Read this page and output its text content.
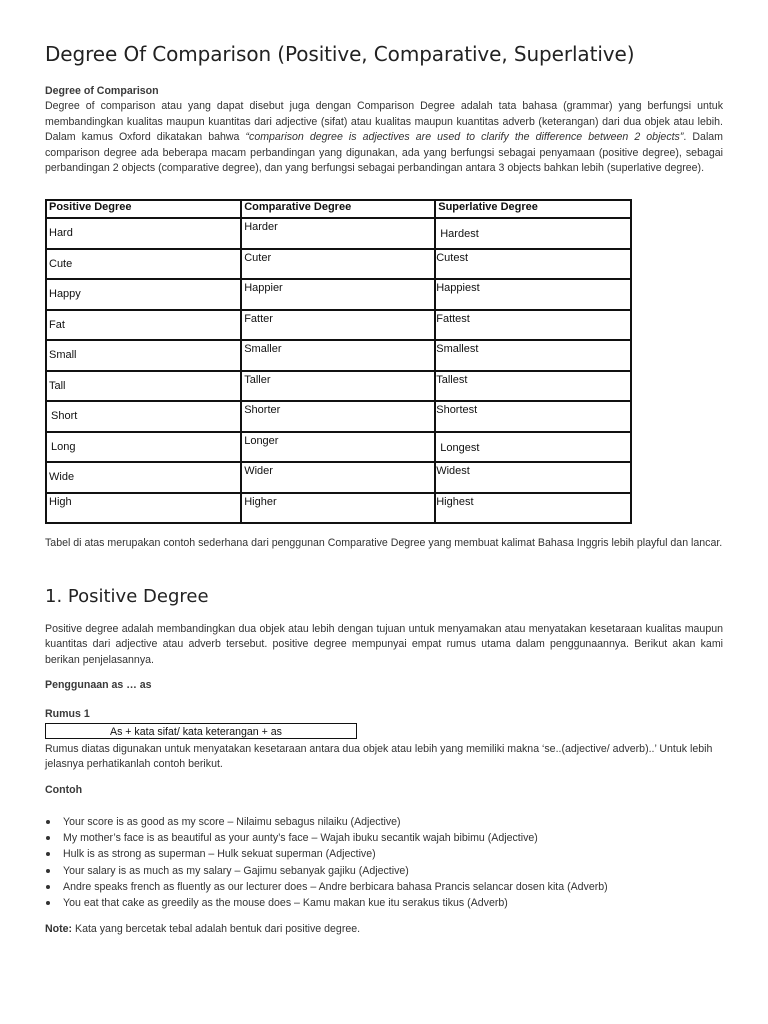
Degree Of Comparison (Positive, Comparative, Superlative)
Degree of Comparison

Degree of comparison atau yang dapat disebut juga dengan Comparison Degree adalah tata bahasa (grammar) yang berfungsi untuk membandingkan kualitas maupun kuantitas dari adjective (sifat) atau kualitas maupun kuantitas adverb (keterangan) dari dua objek atau lebih. Dalam kamus Oxford dikatakan bahwa “comparison degree is adjectives are used to clarify the difference between 2 objects”. Dalam comparison degree ada beberapa macam perbandingan yang digunakan, ada yang berfungsi sebagai penyamaan (positive degree), sebagai perbandingan 2 objects (comparative degree), dan yang berfungsi sebagai perbandingan antara 3 objects bahkan lebih (superlative degree).

Positive Degree	Comparative Degree	Superlative Degree
Hard	Harder	Hardest
Cute	Cuter	Cutest
Happy	Happier	Happiest
Fat	Fatter	Fattest
Small	Smaller	Smallest
Tall	Taller	Tallest
Short	Shorter	Shortest
Long	Longer	Longest
Wide	Wider	Widest
High	Higher	Highest

Tabel di atas merupakan contoh sederhana dari penggunan Comparative Degree yang membuat kalimat Bahasa Inggris lebih playful dan lancar.

1. Positive Degree

Positive degree adalah membandingkan dua objek atau lebih dengan tujuan untuk menyamakan atau menyatakan kesetaraan kualitas maupun kuantitas dari adjective atau adverb tersebut. positive degree mempunyai empat rumus utama dalam penggunaannya. Berikut akan kami berikan penjelasannya.

Penggunaan as … as

Rumus 1

As + kata sifat/ kata keterangan + as

Rumus diatas digunakan untuk menyatakan kesetaraan antara dua objek atau lebih yang memiliki makna ‘se..(adjective/ adverb)..’ Untuk lebih jelasnya perhatikanlah contoh berikut.

Contoh

Your score is as good as my score – Nilaimu sebagus nilaiku (Adjective)
My mother’s face is as beautiful as your aunty’s face – Wajah ibuku secantik wajah bibimu (Adjective)
Hulk is as strong as superman – Hulk sekuat superman (Adjective)
Your salary is as much as my salary – Gajimu sebanyak gajiku (Adjective)
Andre speaks french as fluently as our lecturer does – Andre berbicara bahasa Prancis selancar dosen kita (Adverb)
You eat that cake as greedily as the mouse does – Kamu makan kue itu serakus tikus (Adverb)

Note: Kata yang bercetak tebal adalah bentuk dari positive degree.
